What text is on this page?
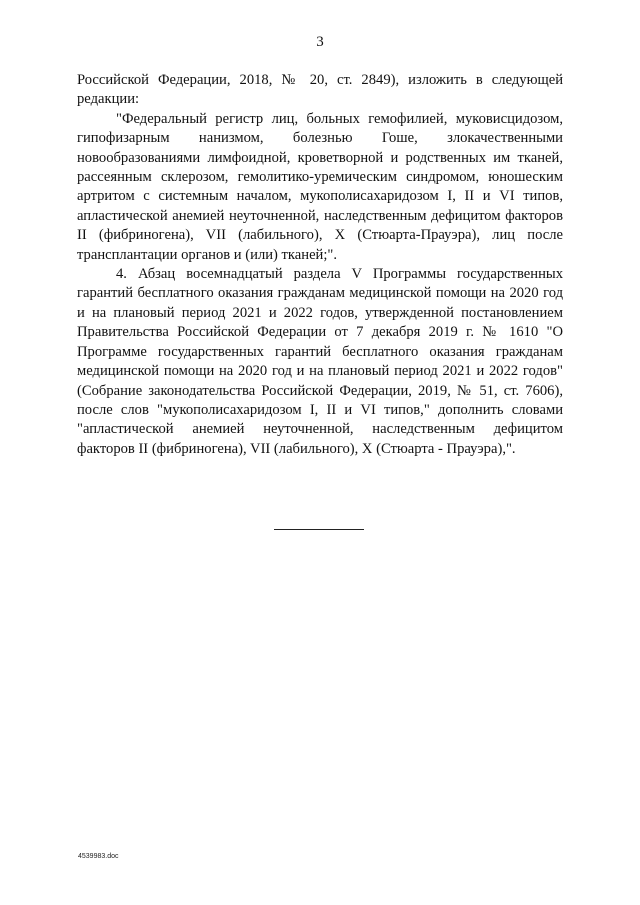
3

Российской Федерации, 2018, № 20, ст. 2849), изложить в следующей редакции:

"Федеральный регистр лиц, больных гемофилией, муковисцидозом, гипофизарным нанизмом, болезнью Гоше, злокачественными новообразованиями лимфоидной, кроветворной и родственных им тканей, рассеянным склерозом, гемолитико-уремическим синдромом, юношеским артритом с системным началом, мукополисахаридозом I, II и VI типов, апластической анемией неуточненной, наследственным дефицитом факторов II (фибриногена), VII (лабильного), X (Стюарта-Прауэра), лиц после трансплантации органов и (или) тканей;".

4. Абзац восемнадцатый раздела V Программы государственных гарантий бесплатного оказания гражданам медицинской помощи на 2020 год и на плановый период 2021 и 2022 годов, утвержденной постановлением Правительства Российской Федерации от 7 декабря 2019 г. № 1610 "О Программе государственных гарантий бесплатного оказания гражданам медицинской помощи на 2020 год и на плановый период 2021 и 2022 годов" (Собрание законодательства Российской Федерации, 2019, № 51, ст. 7606), после слов "мукополисахаридозом I, II и VI типов," дополнить словами "апластической анемией неуточненной, наследственным дефицитом факторов II (фибриногена), VII (лабильного), X (Стюарта - Прауэра),".

4539983.doc
